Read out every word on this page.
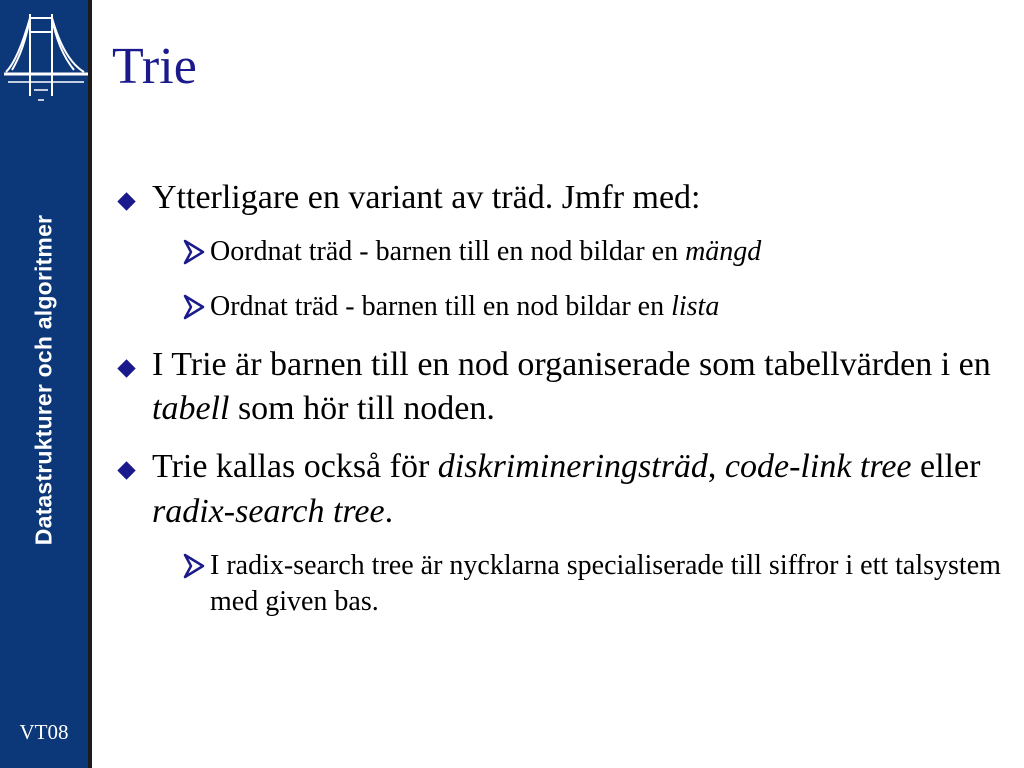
Datastrukturer och algoritmer
VT08
Trie
Ytterligare en variant av träd. Jmfr med:
Oordnat träd - barnen till en nod bildar en mängd
Ordnat träd - barnen till en nod bildar en lista
I Trie är barnen till en nod organiserade som tabellvärden i en tabell som hör till noden.
Trie kallas också för diskrimineringsträd, code-link tree eller radix-search tree.
I radix-search tree är nycklarna specialiserade till siffror i ett talsystem med given bas.
